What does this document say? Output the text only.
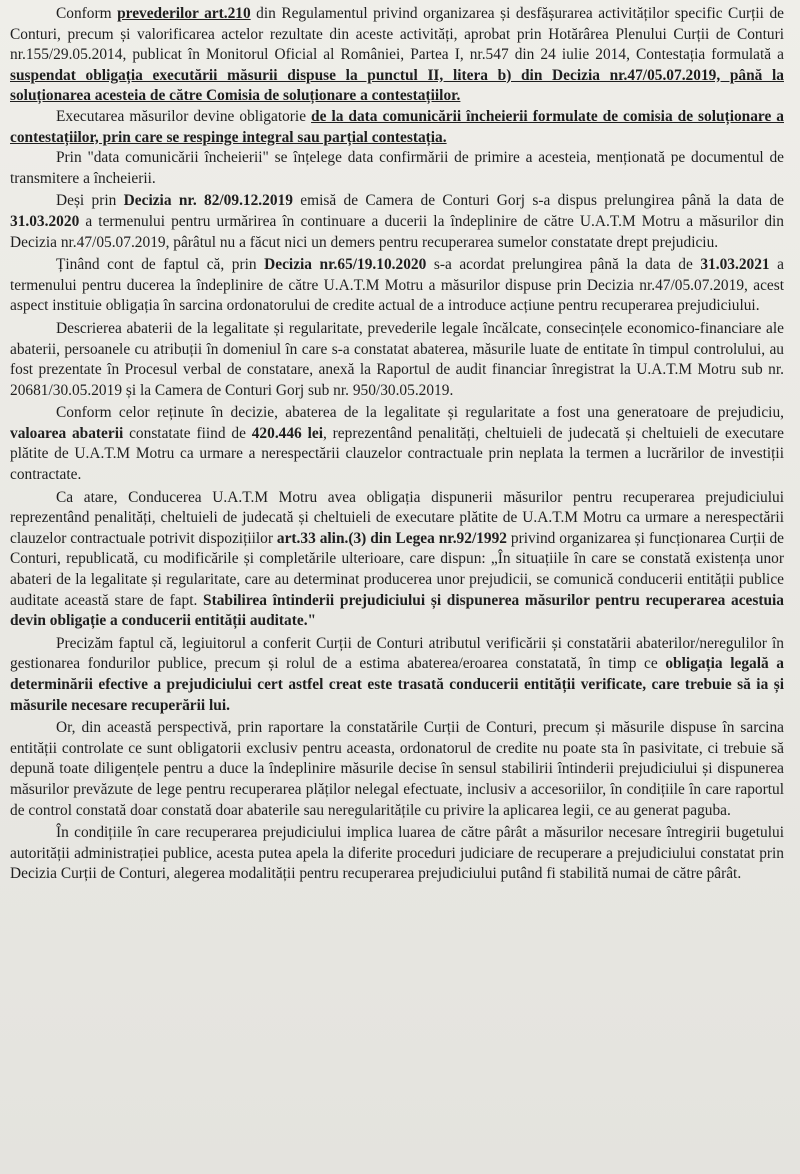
Conform prevederilor art.210 din Regulamentul privind organizarea și desfășurarea activităților specific Curții de Conturi, precum și valorificarea actelor rezultate din aceste activități, aprobat prin Hotărârea Plenului Curții de Conturi nr.155/29.05.2014, publicat în Monitorul Oficial al României, Partea I, nr.547 din 24 iulie 2014, Contestația formulată a suspendat obligația executării măsurii dispuse la punctul II, litera b) din Decizia nr.47/05.07.2019, până la soluționarea acesteia de către Comisia de soluționare a contestațiilor.

Executarea măsurilor devine obligatorie de la data comunicării încheierii formulate de comisia de soluționare a contestațiilor, prin care se respinge integral sau parțial contestația.

Prin "data comunicării încheierii" se înțelege data confirmării de primire a acesteia, menționată pe documentul de transmitere a încheierii.

Deși prin Decizia nr. 82/09.12.2019 emisă de Camera de Conturi Gorj s-a dispus prelungirea până la data de 31.03.2020 a termenului pentru urmărirea în continuare a ducerii la îndeplinire de către U.A.T.M Motru a măsurilor din Decizia nr.47/05.07.2019, pârâtul nu a făcut nici un demers pentru recuperarea sumelor constatate drept prejudiciu.

Ținând cont de faptul că, prin Decizia nr.65/19.10.2020 s-a acordat prelungirea până la data de 31.03.2021 a termenului pentru ducerea la îndeplinire de către U.A.T.M Motru a măsurilor dispuse prin Decizia nr.47/05.07.2019, acest aspect instituie obligația în sarcina ordonatorului de credite actual de a introduce acțiune pentru recuperarea prejudiciului.

Descrierea abaterii de la legalitate și regularitate, prevederile legale încălcate, consecințele economico-financiare ale abaterii, persoanele cu atribuții în domeniul în care s-a constatat abaterea, măsurile luate de entitate în timpul controlului, au fost prezentate în Procesul verbal de constatare, anexă la Raportul de audit financiar înregistrat la U.A.T.M Motru sub nr. 20681/30.05.2019 și la Camera de Conturi Gorj sub nr. 950/30.05.2019.

Conform celor reținute în decizie, abaterea de la legalitate și regularitate a fost una generatoare de prejudiciu, valoarea abaterii constatate fiind de 420.446 lei, reprezentând penalități, cheltuieli de judecată și cheltuieli de executare plătite de U.A.T.M Motru ca urmare a nerespectării clauzelor contractuale prin neplata la termen a lucrărilor de investiții contractate.

Ca atare, Conducerea U.A.T.M Motru avea obligația dispunerii măsurilor pentru recuperarea prejudiciului reprezentând penalități, cheltuieli de judecată și cheltuieli de executare plătite de U.A.T.M Motru ca urmare a nerespectării clauzelor contractuale potrivit dispozițiilor art.33 alin.(3) din Legea nr.92/1992 privind organizarea și funcționarea Curții de Conturi, republicată, cu modificările și completările ulterioare, care dispun: „În situațiile în care se constată existența unor abateri de la legalitate și regularitate, care au determinat producerea unor prejudicii, se comunică conducerii entității publice auditate această stare de fapt. Stabilirea întinderii prejudiciului și dispunerea măsurilor pentru recuperarea acestuia devin obligație a conducerii entității auditate."

Precizăm faptul că, legiuitorul a conferit Curții de Conturi atributul verificării și constatării abaterilor/neregulilor în gestionarea fondurilor publice, precum și rolul de a estima abaterea/eroarea constatată, în timp ce obligația legală a determinării efective a prejudiciului cert astfel creat este trasată conducerii entității verificate, care trebuie să ia și măsurile necesare recuperării lui.

Or, din această perspectivă, prin raportare la constatările Curții de Conturi, precum și măsurile dispuse în sarcina entității controlate ce sunt obligatorii exclusiv pentru aceasta, ordonatorul de credite nu poate sta în pasivitate, ci trebuie să depună toate diligențele pentru a duce la îndeplinire măsurile decise în sensul stabilirii întinderii prejudiciului și dispunerea măsurilor prevăzute de lege pentru recuperarea plăților nelegal efectuate, inclusiv a accesoriilor, în condițiile în care raportul de control constată doar constată doar abaterile sau neregularitățile cu privire la aplicarea legii, ce au generat paguba.

În condițiile în care recuperarea prejudiciului implica luarea de către pârât a măsurilor necesare întregirii bugetului autorității administrației publice, acesta putea apela la diferite proceduri judiciare de recuperare a prejudiciului constatat prin Decizia Curții de Conturi, alegerea modalității pentru recuperarea prejudiciului putând fi stabilită numai de către pârât.
